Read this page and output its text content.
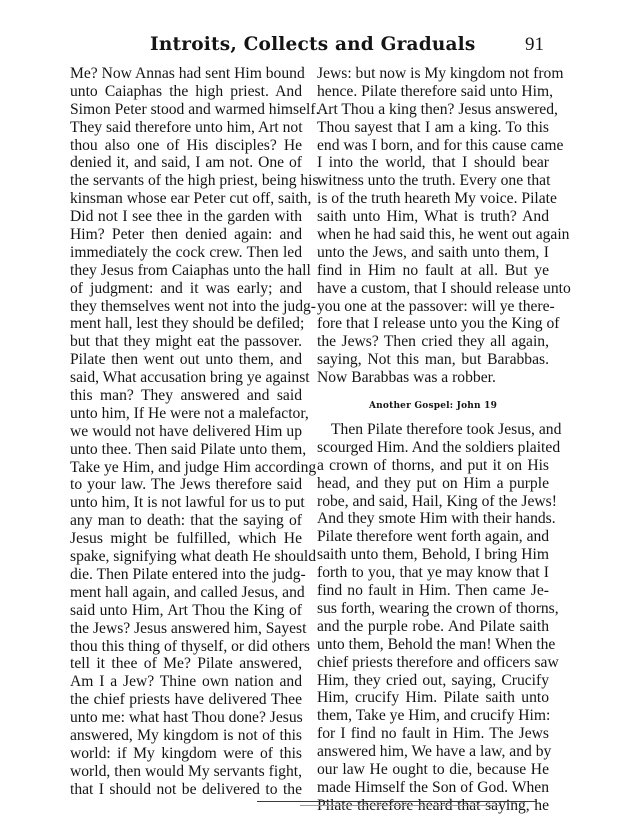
Introits, Collects and Graduals	91
Me? Now Annas had sent Him bound
unto Caiaphas the high priest. And
Simon Peter stood and warmed himself.
They said therefore unto him, Art not
thou also one of His disciples? He
denied it, and said, I am not. One of
the servants of the high priest, being his
kinsman whose ear Peter cut off, saith,
Did not I see thee in the garden with
Him? Peter then denied again: and
immediately the cock crew. Then led
they Jesus from Caiaphas unto the hall
of judgment: and it was early; and
they themselves went not into the judg-
ment hall, lest they should be defiled;
but that they might eat the passover.
Pilate then went out unto them, and
said, What accusation bring ye against
this man? They answered and said
unto him, If He were not a malefactor,
we would not have delivered Him up
unto thee. Then said Pilate unto them,
Take ye Him, and judge Him according
to your law. The Jews therefore said
unto him, It is not lawful for us to put
any man to death: that the saying of
Jesus might be fulfilled, which He
spake, signifying what death He should
die. Then Pilate entered into the judg-
ment hall again, and called Jesus, and
said unto Him, Art Thou the King of
the Jews? Jesus answered him, Sayest
thou this thing of thyself, or did others
tell it thee of Me? Pilate answered,
Am I a Jew? Thine own nation and
the chief priests have delivered Thee
unto me: what hast Thou done? Jesus
answered, My kingdom is not of this
world: if My kingdom were of this
world, then would My servants fight,
that I should not be delivered to the
Jews: but now is My kingdom not from
hence. Pilate therefore said unto Him,
Art Thou a king then? Jesus answered,
Thou sayest that I am a king. To this
end was I born, and for this cause came
I into the world, that I should bear
witness unto the truth. Every one that
is of the truth heareth My voice. Pilate
saith unto Him, What is truth? And
when he had said this, he went out again
unto the Jews, and saith unto them, I
find in Him no fault at all. But ye
have a custom, that I should release unto
you one at the passover: will ye there-
fore that I release unto you the King of
the Jews? Then cried they all again,
saying, Not this man, but Barabbas.
Now Barabbas was a robber.
Another Gospel: John 19
Then Pilate therefore took Jesus, and
scourged Him. And the soldiers plaited
a crown of thorns, and put it on His
head, and they put on Him a purple
robe, and said, Hail, King of the Jews!
And they smote Him with their hands.
Pilate therefore went forth again, and
saith unto them, Behold, I bring Him
forth to you, that ye may know that I
find no fault in Him. Then came Je-
sus forth, wearing the crown of thorns,
and the purple robe. And Pilate saith
unto them, Behold the man! When the
chief priests therefore and officers saw
Him, they cried out, saying, Crucify
Him, crucify Him. Pilate saith unto
them, Take ye Him, and crucify Him:
for I find no fault in Him. The Jews
answered him, We have a law, and by
our law He ought to die, because He
made Himself the Son of God. When
Pilate therefore heard that saying, he
